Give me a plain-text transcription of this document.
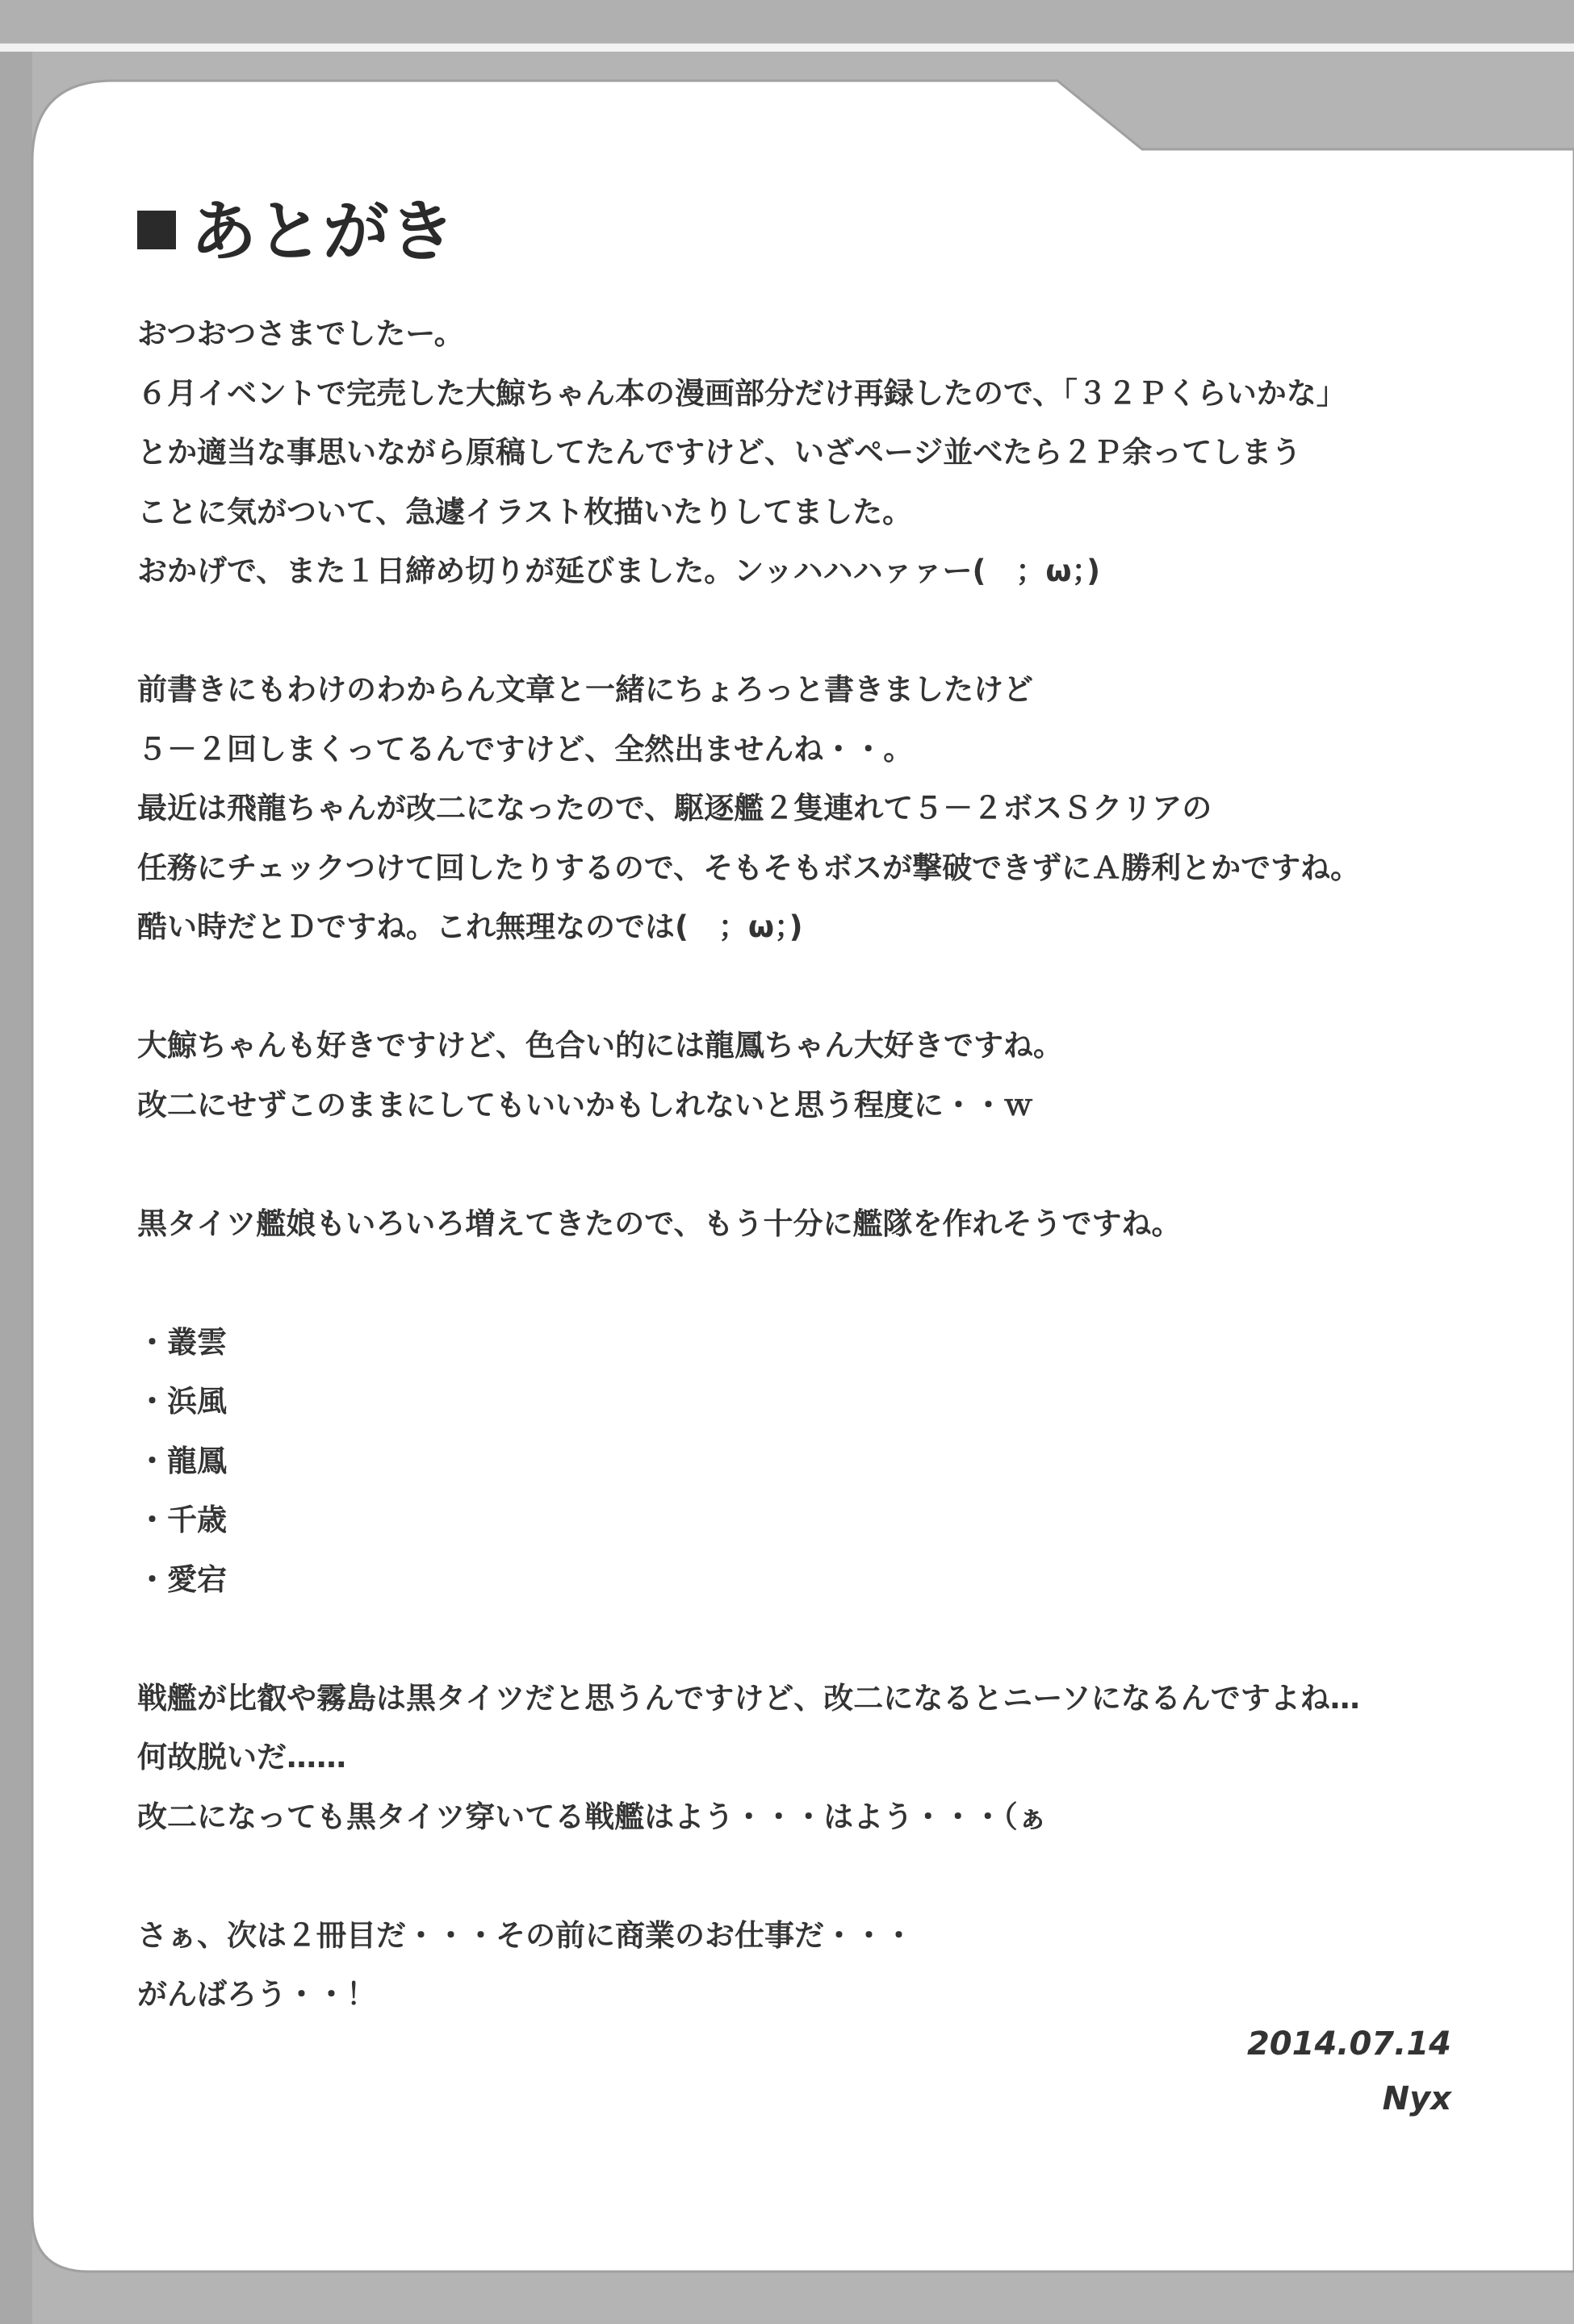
あとがき
おつおつさまでしたー。
６月イベントで完売した大鯨ちゃん本の漫画部分だけ再録したので、「３２Ｐくらいかな」
とか適当な事思いながら原稿してたんですけど、いざページ並べたら２Ｐ余ってしまう
ことに気がついて、急遽イラスト枚描いたりしてました。
おかげで、また１日締め切りが延びました。ンッハハハァァー(　；ω；)
前書きにもわけのわからん文章と一緒にちょろっと書きましたけど
５－２回しまくってるんですけど、全然出ませんね・・。
最近は飛龍ちゃんが改二になったので、駆逐艦２隻連れて５－２ボスＳクリアの
任務にチェックつけて回したりするので、そもそもボスが撃破できずにＡ勝利とかですね。
酷い時だとＤですね。これ無理なのでは(　；ω；)
大鯨ちゃんも好きですけど、色合い的には龍鳳ちゃん大好きですね。
改二にせずこのままにしてもいいかもしれないと思う程度に・・ｗ
黒タイツ艦娘もいろいろ増えてきたので、もう十分に艦隊を作れそうですね。
・叢雲
・浜風
・龍鳳
・千歳
・愛宕
戦艦が比叡や霧島は黒タイツだと思うんですけど、改二になるとニーソになるんですよね…
何故脱いだ……
改二になっても黒タイツ穿いてる戦艦はよう・・・はよう・・・（ぁ
さぁ、次は２冊目だ・・・その前に商業のお仕事だ・・・
がんばろう・・！
2014.07.14
Nyx
